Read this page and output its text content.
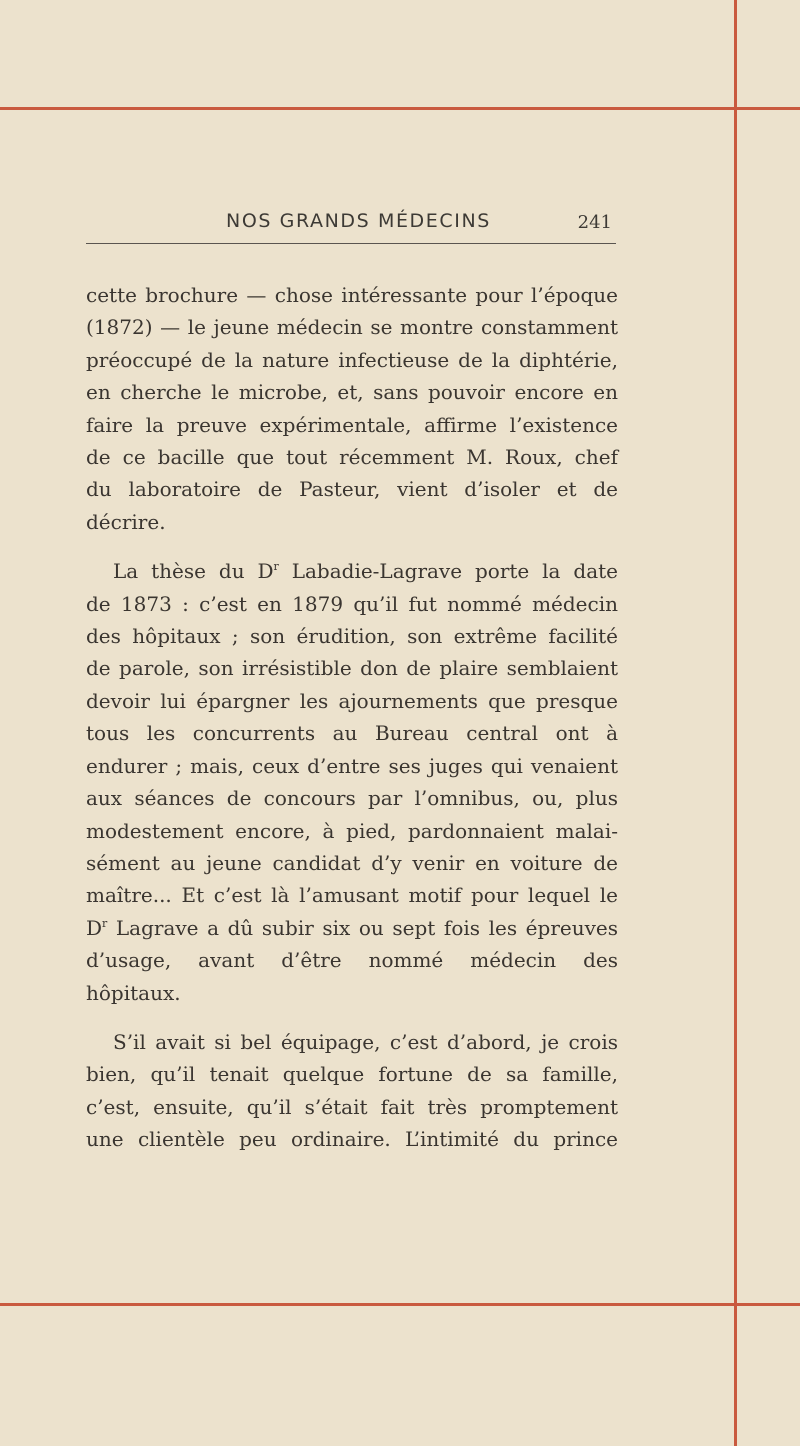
NOS GRANDS MÉDECINS	241

cette brochure — chose intéressante pour l’époque
(1872) — le jeune médecin se montre constamment
préoccupé de la nature infectieuse de la diphtérie,
en cherche le microbe, et, sans pouvoir encore en
faire la preuve expérimentale, affirme l’existence
de ce bacille que tout récemment M. Roux, chef
du laboratoire de Pasteur, vient d’isoler et de
décrire.

La thèse du $D^r$ Labadie-Lagrave porte la date
de 1873 : c’est en 1879 qu’il fut nommé médecin
des hôpitaux ; son érudition, son extrême facilité
de parole, son irrésistible don de plaire semblaient
devoir lui épargner les ajournements que presque
tous les concurrents au Bureau central ont à
endurer ; mais, ceux d’entre ses juges qui venaient
aux séances de concours par l’omnibus, ou, plus
modestement encore, à pied, pardonnaient malai-
sément au jeune candidat d’y venir en voiture de
maître... Et c’est là l’amusant motif pour lequel le
$D^r$ Lagrave a dû subir six ou sept fois les épreuves
d’usage, avant d’être nommé médecin des
hôpitaux.

S’il avait si bel équipage, c’est d’abord, je crois
bien, qu’il tenait quelque fortune de sa famille,
c’est, ensuite, qu’il s’était fait très promptement
une clientèle peu ordinaire. L’intimité du prince
